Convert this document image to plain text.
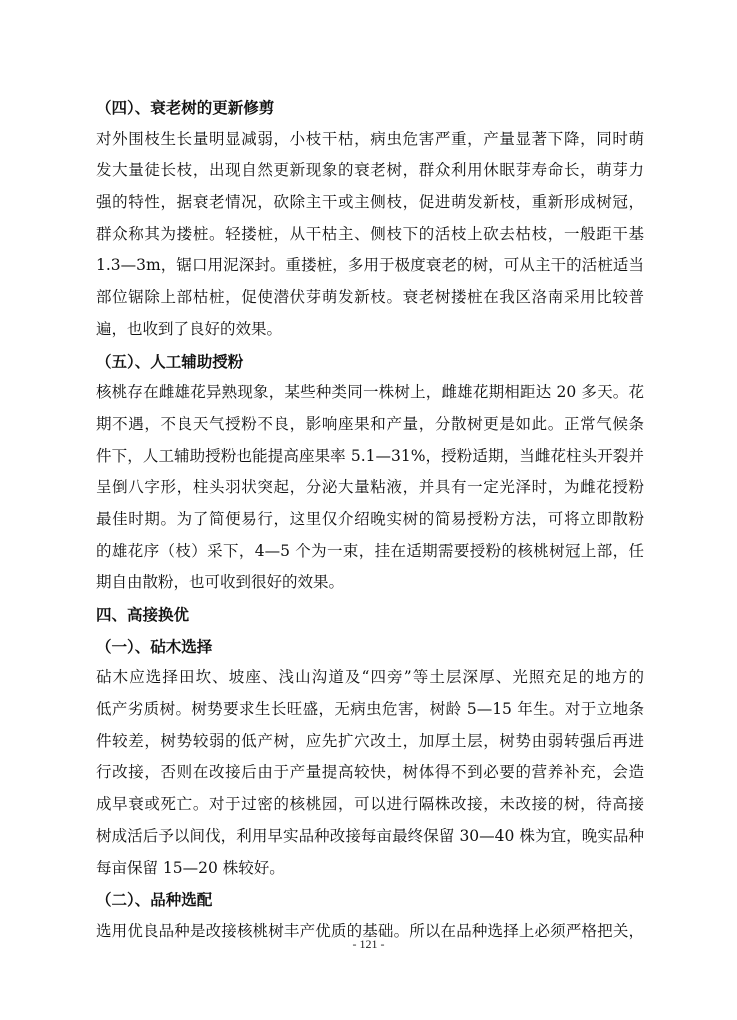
（四）、衰老树的更新修剪
对外围枝生长量明显减弱，小枝干枯，病虫危害严重，产量显著下降，同时萌
发大量徒长枝，出现自然更新现象的衰老树，群众利用休眠芽寿命长，萌芽力
强的特性，据衰老情况，砍除主干或主侧枝，促进萌发新枝，重新形成树冠，
群众称其为搂桩。轻搂桩，从干枯主、侧枝下的活枝上砍去枯枝，一般距干基
1.3—3m，锯口用泥深封。重搂桩，多用于极度衰老的树，可从主干的活桩适当
部位锯除上部枯桩，促使潜伏芽萌发新枝。衰老树搂桩在我区洛南采用比较普
遍，也收到了良好的效果。
（五）、人工辅助授粉
核桃存在雌雄花异熟现象，某些种类同一株树上，雌雄花期相距达 20 多天。花
期不遇，不良天气授粉不良，影响座果和产量，分散树更是如此。正常气候条
件下，人工辅助授粉也能提高座果率 5.1—31%，授粉适期，当雌花柱头开裂并
呈倒八字形，柱头羽状突起，分泌大量粘液，并具有一定光泽时，为雌花授粉
最佳时期。为了简便易行，这里仅介绍晚实树的简易授粉方法，可将立即散粉
的雄花序（枝）采下，4—5 个为一束，挂在适期需要授粉的核桃树冠上部，任
期自由散粉，也可收到很好的效果。
四、高接换优
（一）、砧木选择
砧木应选择田坎、坡座、浅山沟道及“四旁”等土层深厚、光照充足的地方的
低产劣质树。树势要求生长旺盛，无病虫危害，树龄 5—15 年生。对于立地条
件较差，树势较弱的低产树，应先扩穴改土，加厚土层，树势由弱转强后再进
行改接，否则在改接后由于产量提高较快，树体得不到必要的营养补充，会造
成早衰或死亡。对于过密的核桃园，可以进行隔株改接，未改接的树，待高接
树成活后予以间伐，利用早实品种改接每亩最终保留 30—40 株为宜，晚实品种
每亩保留 15—20 株较好。
（二）、品种选配
选用优良品种是改接核桃树丰产优质的基础。所以在品种选择上必须严格把关，
- 121 -
